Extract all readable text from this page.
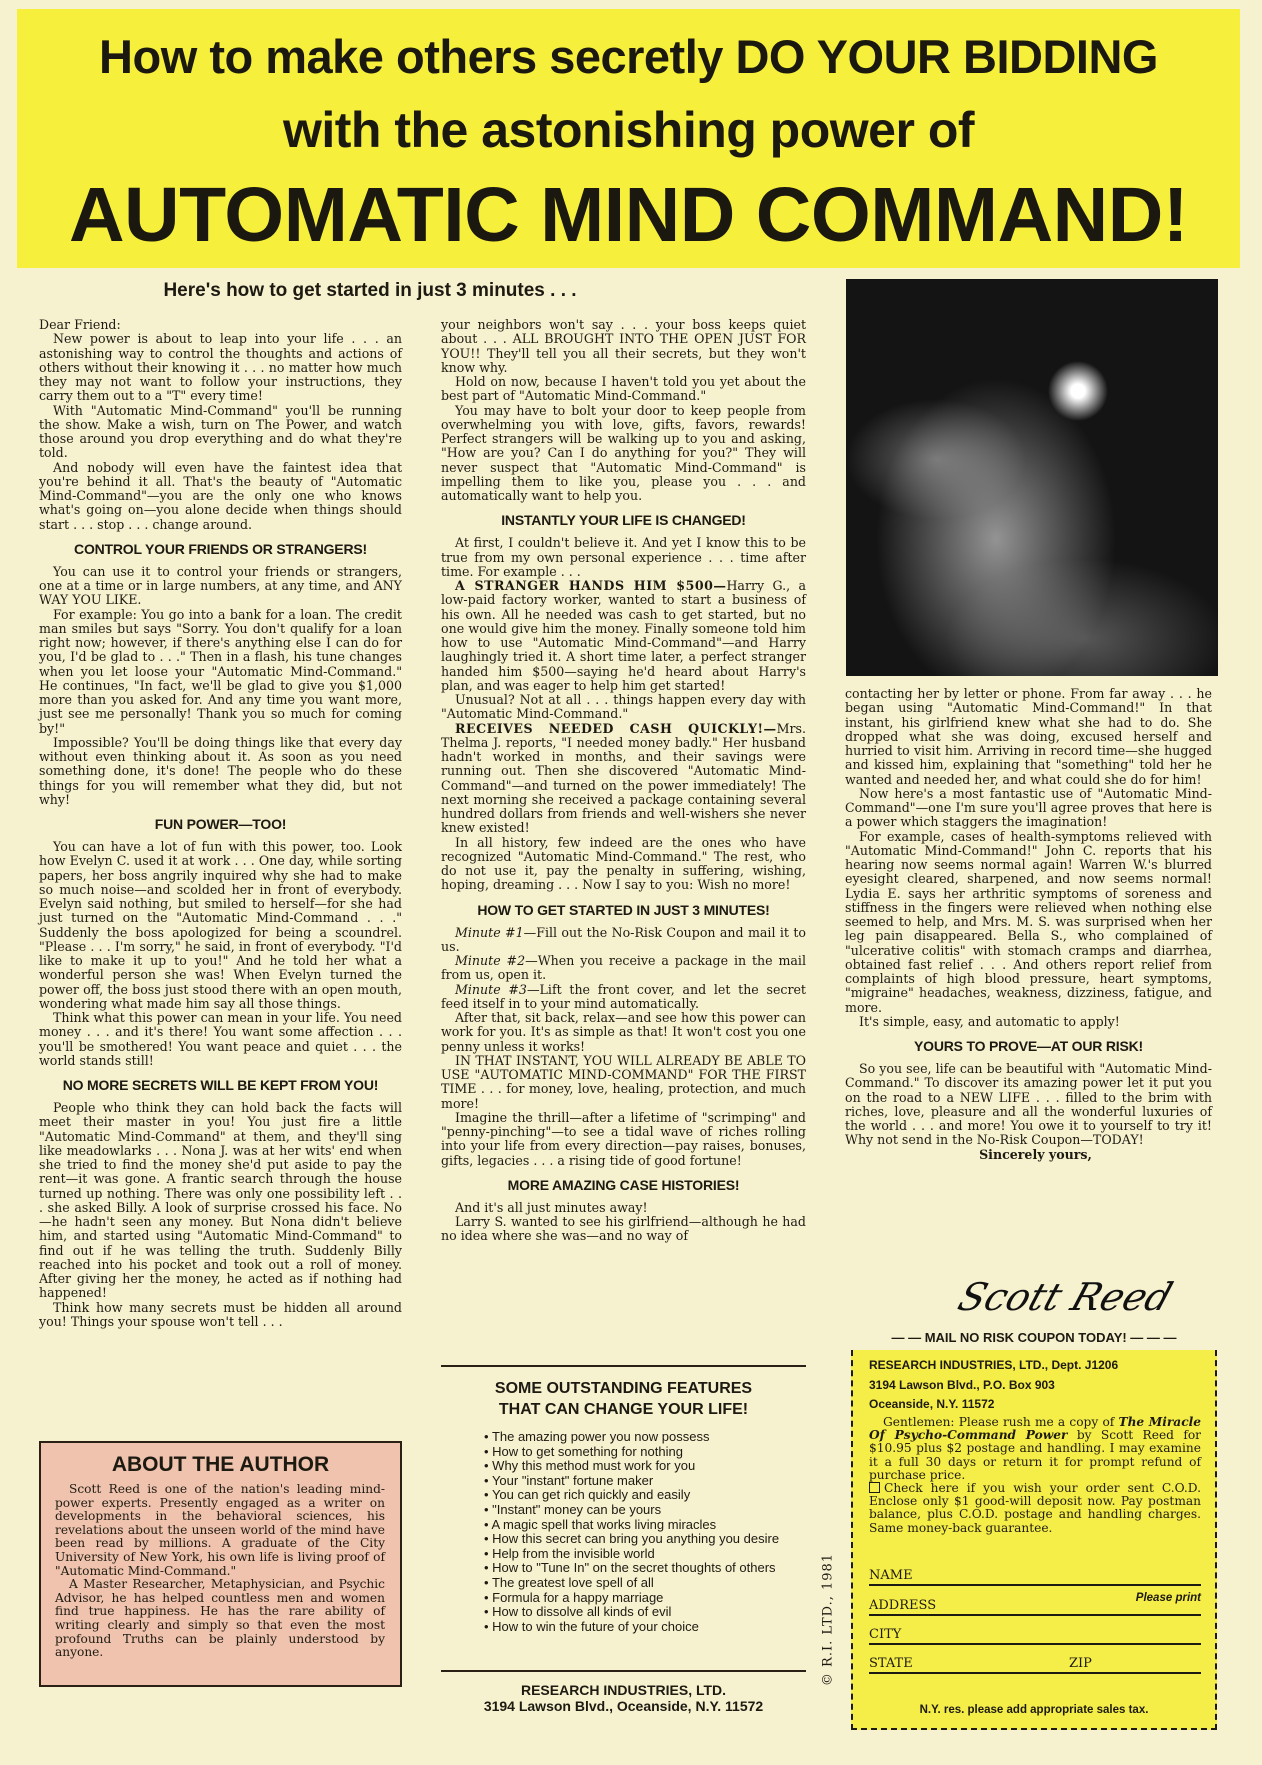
How to make others secretly DO YOUR BIDDING
with the astonishing power of
AUTOMATIC MIND COMMAND!
Here's how to get started in just 3 minutes . . .

Dear Friend:

New power is about to leap into your life . . . an astonishing way to control the thoughts and actions of others without their knowing it . . . no matter how much they may not want to follow your instructions, they carry them out to a "T" every time!

With "Automatic Mind-Command" you'll be running the show. Make a wish, turn on The Power, and watch those around you drop everything and do what they're told.

And nobody will even have the faintest idea that you're behind it all. That's the beauty of "Automatic Mind-Command"—you are the only one who knows what's going on—you alone decide when things should start . . . stop . . . change around.

CONTROL YOUR FRIENDS OR STRANGERS!

You can use it to control your friends or strangers, one at a time or in large numbers, at any time, and ANY WAY YOU LIKE.

For example: You go into a bank for a loan. The credit man smiles but says "Sorry. You don't qualify for a loan right now; however, if there's anything else I can do for you, I'd be glad to . . ." Then in a flash, his tune changes when you let loose your "Automatic Mind-Command." He continues, "In fact, we'll be glad to give you $1,000 more than you asked for. And any time you want more, just see me personally! Thank you so much for coming by!"

Impossible? You'll be doing things like that every day without even thinking about it. As soon as you need something done, it's done! The people who do these things for you will remember what they did, but not why!

FUN POWER—TOO!

You can have a lot of fun with this power, too. Look how Evelyn C. used it at work . . . One day, while sorting papers, her boss angrily inquired why she had to make so much noise—and scolded her in front of everybody. Evelyn said nothing, but smiled to herself—for she had just turned on the "Automatic Mind-Command . . ." Suddenly the boss apologized for being a scoundrel. "Please . . . I'm sorry," he said, in front of everybody. "I'd like to make it up to you!" And he told her what a wonderful person she was! When Evelyn turned the power off, the boss just stood there with an open mouth, wondering what made him say all those things.

Think what this power can mean in your life. You need money . . . and it's there! You want some affection . . . you'll be smothered! You want peace and quiet . . . the world stands still!

NO MORE SECRETS WILL BE KEPT FROM YOU!

People who think they can hold back the facts will meet their master in you! You just fire a little "Automatic Mind-Command" at them, and they'll sing like meadowlarks . . . Nona J. was at her wits' end when she tried to find the money she'd put aside to pay the rent—it was gone. A frantic search through the house turned up nothing. There was only one possibility left . . . she asked Billy. A look of surprise crossed his face. No—he hadn't seen any money. But Nona didn't believe him, and started using "Automatic Mind-Command" to find out if he was telling the truth. Suddenly Billy reached into his pocket and took out a roll of money. After giving her the money, he acted as if nothing had happened!

Think how many secrets must be hidden all around you! Things your spouse won't tell . . .

your neighbors won't say . . . your boss keeps quiet about . . . ALL BROUGHT INTO THE OPEN JUST FOR YOU!! They'll tell you all their secrets, but they won't know why.

Hold on now, because I haven't told you yet about the best part of "Automatic Mind-Command."

You may have to bolt your door to keep people from overwhelming you with love, gifts, favors, rewards! Perfect strangers will be walking up to you and asking, "How are you? Can I do anything for you?" They will never suspect that "Automatic Mind-Command" is impelling them to like you, please you . . . and automatically want to help you.

INSTANTLY YOUR LIFE IS CHANGED!

At first, I couldn't believe it. And yet I know this to be true from my own personal experience . . . time after time. For example . . .

A STRANGER HANDS HIM $500—Harry G., a low-paid factory worker, wanted to start a business of his own. All he needed was cash to get started, but no one would give him the money. Finally someone told him how to use "Automatic Mind-Command"—and Harry laughingly tried it. A short time later, a perfect stranger handed him $500—saying he'd heard about Harry's plan, and was eager to help him get started!

Unusual? Not at all . . . things happen every day with "Automatic Mind-Command."

RECEIVES NEEDED CASH QUICKLY!—Mrs. Thelma J. reports, "I needed money badly." Her husband hadn't worked in months, and their savings were running out. Then she discovered "Automatic Mind-Command"—and turned on the power immediately! The next morning she received a package containing several hundred dollars from friends and well-wishers she never knew existed!

In all history, few indeed are the ones who have recognized "Automatic Mind-Command." The rest, who do not use it, pay the penalty in suffering, wishing, hoping, dreaming . . . Now I say to you: Wish no more!

HOW TO GET STARTED IN JUST 3 MINUTES!

Minute #1—Fill out the No-Risk Coupon and mail it to us.

Minute #2—When you receive a package in the mail from us, open it.

Minute #3—Lift the front cover, and let the secret feed itself in to your mind automatically.

After that, sit back, relax—and see how this power can work for you. It's as simple as that! It won't cost you one penny unless it works!

IN THAT INSTANT, YOU WILL ALREADY BE ABLE TO USE "AUTOMATIC MIND-COMMAND" FOR THE FIRST TIME . . . for money, love, healing, protection, and much more!

Imagine the thrill—after a lifetime of "scrimping" and "penny-pinching"—to see a tidal wave of riches rolling into your life from every direction—pay raises, bonuses, gifts, legacies . . . a rising tide of good fortune!

MORE AMAZING CASE HISTORIES!

And it's all just minutes away!

Larry S. wanted to see his girlfriend—although he had no idea where she was—and no way of

contacting her by letter or phone. From far away . . . he began using "Automatic Mind-Command!" In that instant, his girlfriend knew what she had to do. She dropped what she was doing, excused herself and hurried to visit him. Arriving in record time—she hugged and kissed him, explaining that "something" told her he wanted and needed her, and what could she do for him!

Now here's a most fantastic use of "Automatic Mind-Command"—one I'm sure you'll agree proves that here is a power which staggers the imagination!

For example, cases of health-symptoms relieved with "Automatic Mind-Command!" John C. reports that his hearing now seems normal again! Warren W.'s blurred eyesight cleared, sharpened, and now seems normal! Lydia E. says her arthritic symptoms of soreness and stiffness in the fingers were relieved when nothing else seemed to help, and Mrs. M. S. was surprised when her leg pain disappeared. Bella S., who complained of "ulcerative colitis" with stomach cramps and diarrhea, obtained fast relief . . . And others report relief from complaints of high blood pressure, heart symptoms, "migraine" headaches, weakness, dizziness, fatigue, and more.

It's simple, easy, and automatic to apply!

YOURS TO PROVE—AT OUR RISK!

So you see, life can be beautiful with "Automatic Mind-Command." To discover its amazing power let it put you on the road to a NEW LIFE . . . filled to the brim with riches, love, pleasure and all the wonderful luxuries of the world . . . and more! You owe it to yourself to try it! Why not send in the No-Risk Coupon—TODAY!

Sincerely yours,

Scott Reed
ABOUT THE AUTHOR

Scott Reed is one of the nation's leading mind-power experts. Presently engaged as a writer on developments in the behavioral sciences, his revelations about the unseen world of the mind have been read by millions. A graduate of the City University of New York, his own life is living proof of "Automatic Mind-Command."

A Master Researcher, Metaphysician, and Psychic Advisor, he has helped countless men and women find true happiness. He has the rare ability of writing clearly and simply so that even the most profound Truths can be plainly understood by anyone.

SOME OUTSTANDING FEATURES
THAT CAN CHANGE YOUR LIFE!
• The amazing power you now possess
• How to get something for nothing
• Why this method must work for you
• Your "instant" fortune maker
• You can get rich quickly and easily
• "Instant" money can be yours
• A magic spell that works living miracles
• How this secret can bring you anything you desire
• Help from the invisible world
• How to "Tune In" on the secret thoughts of others
• The greatest love spell of all
• Formula for a happy marriage
• How to dissolve all kinds of evil
• How to win the future of your choice
RESEARCH INDUSTRIES, LTD.
3194 Lawson Blvd., Oceanside, N.Y. 11572
© R.I. LTD., 1981
— — MAIL NO RISK COUPON TODAY! — — —
RESEARCH INDUSTRIES, LTD., Dept. J1206
3194 Lawson Blvd., P.O. Box 903
Oceanside, N.Y. 11572

Gentlemen: Please rush me a copy of The Miracle Of Psycho-Command Power by Scott Reed for $10.95 plus $2 postage and handling. I may examine it a full 30 days or return it for prompt refund of purchase price.

Check here if you wish your order sent C.O.D. Enclose only $1 good-will deposit now. Pay postman balance, plus C.O.D. postage and handling charges. Same money-back guarantee.

NAME
Please print
ADDRESS
CITY
STATE	ZIP
N.Y. res. please add appropriate sales tax.
